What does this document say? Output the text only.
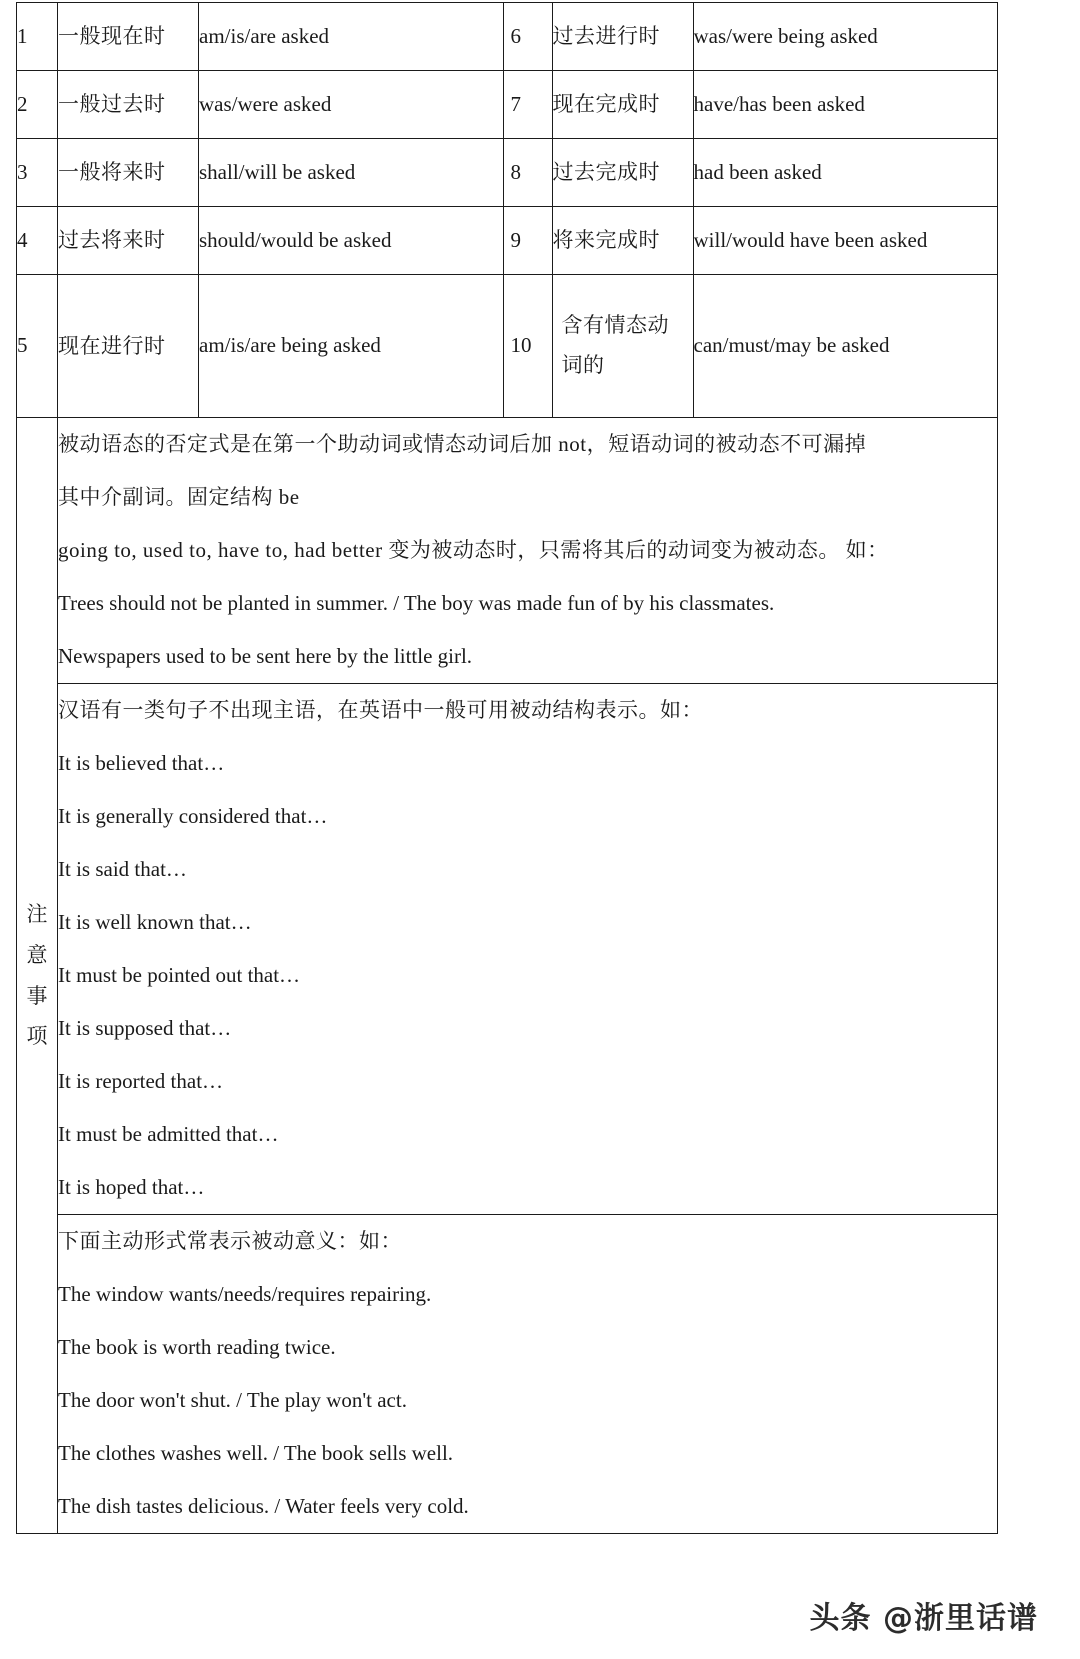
1	一般现在时	am/is/are asked	6	过去进行时	was/were being asked
2	一般过去时	was/were asked	7	现在完成时	have/has been asked
3	一般将来时	shall/will be asked	8	过去完成时	had been asked
4	过去将来时	should/would be asked	9	将来完成时	will/would have been asked
5	现在进行时	am/is/are being asked	10	含有情态动词的	can/must/may be asked

注
意
事
项

被动语态的否定式是在第一个助动词或情态动词后加 not，短语动词的被动态不可漏掉

其中介副词。固定结构 be

going to, used to, have to, had better 变为被动态时，只需将其后的动词变为被动态。 如：

Trees should not be planted in summer. / The boy was made fun of by his classmates.

Newspapers used to be sent here by the little girl.

汉语有一类句子不出现主语，在英语中一般可用被动结构表示。如：

It is believed that…

It is generally considered that…

It is said that…

It is well known that…

It must be pointed out that…

It is supposed that…

It is reported that…

It must be admitted that…

It is hoped that…

下面主动形式常表示被动意义：如：

The window wants/needs/requires repairing.

The book is worth reading twice.

The door won't shut. / The play won't act.

The clothes washes well. / The book sells well.

The dish tastes delicious. / Water feels very cold.

头条 @浙里话谱
